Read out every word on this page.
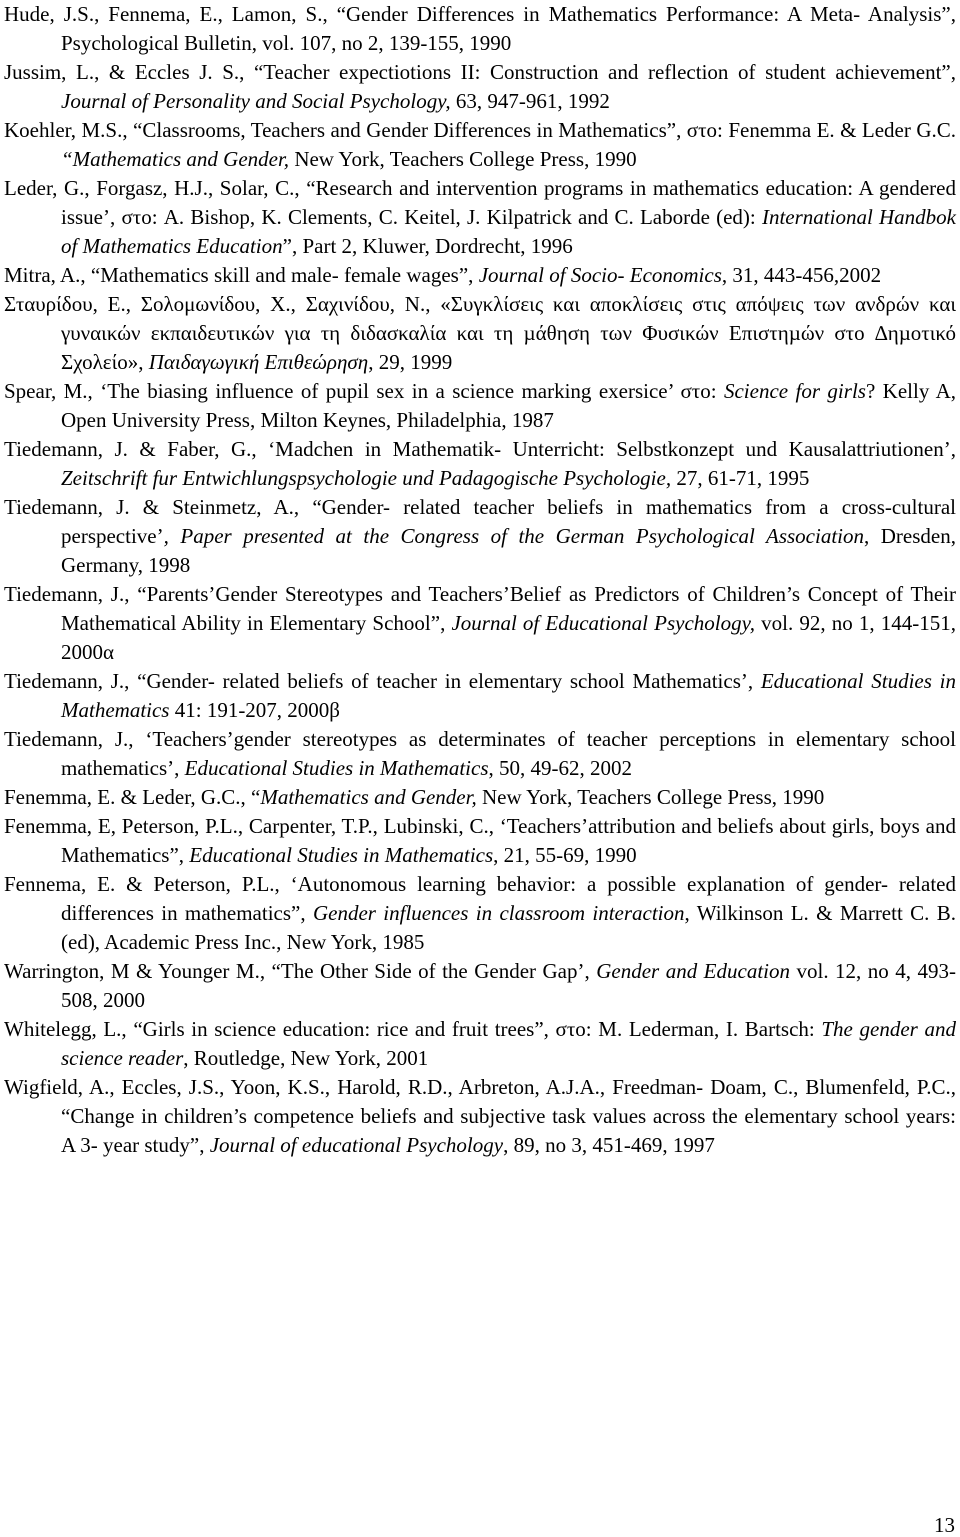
Hude, J.S., Fennema, E., Lamon, S., “Gender Differences in Mathematics Performance: A Meta- Analysis”, Psychological Bulletin, vol. 107, no 2, 139-155, 1990

Jussim, L., & Eccles J. S., “Teacher expectiotions II: Construction and reflection of student achievement”, Journal of Personality and Social Psychology, 63, 947-961, 1992

Koehler, M.S., “Classrooms, Teachers and Gender Differences in Mathematics”, στο: Fenemma E. & Leder G.C. “Mathematics and Gender, New York, Teachers College Press, 1990

Leder, G., Forgasz, H.J., Solar, C., “Research and intervention programs in mathematics education: A gendered issue’, στο: A. Bishop, K. Clements, C. Keitel, J. Kilpatrick and C. Laborde (ed): International Handbok of Mathematics Education”, Part 2, Kluwer, Dordrecht, 1996

Mitra, A., “Mathematics skill and male- female wages”, Journal of Socio- Economics, 31, 443-456,2002

Σταυρίδου, Ε., Σολομωνίδου, Χ., Σαχινίδου, Ν., «Συγκλίσεις και αποκλίσεις στις απόψεις των ανδρών και γυναικών εκπαιδευτικών για τη διδασκαλία και τη µάθηση των Φυσικών Επιστηµών στο ∆ηµοτικό Σχολείο», Παιδαγωγική Επιθεώρηση, 29, 1999

Spear, M., ‘The biasing influence of pupil sex in a science marking exersice’ στο: Science for girls? Kelly A, Open University Press, Milton Keynes, Philadelphia, 1987

Tiedemann, J. & Faber, G., ‘Madchen in Mathematik- Unterricht: Selbstkonzept und Kausalattriutionen’, Zeitschrift fur Entwichlungspsychologie und Padagogische Psychologie, 27, 61-71, 1995

Tiedemann, J. & Steinmetz, A., “Gender- related teacher beliefs in mathematics from a cross-cultural perspective’, Paper presented at the Congress of the German Psychological Association, Dresden, Germany, 1998

Tiedemann, J., “Parents’Gender Stereotypes and Teachers’Belief as Predictors of Children’s Concept of Their Mathematical Ability in Elementary School”, Journal of Educational Psychology, vol. 92, no 1, 144-151, 2000α

Tiedemann, J., “Gender- related beliefs of teacher in elementary school Mathematics’, Educational Studies in Mathematics 41: 191-207, 2000β

Tiedemann, J., ‘Teachers’gender stereotypes as determinates of teacher perceptions in elementary school mathematics’, Educational Studies in Mathematics, 50, 49-62, 2002

Fenemma, E. & Leder, G.C., “Mathematics and Gender, New York, Teachers College Press, 1990

Fenemma, E, Peterson, P.L., Carpenter, T.P., Lubinski, C., ‘Teachers’attribution and beliefs about girls, boys and Mathematics”, Educational Studies in Mathematics, 21, 55-69, 1990

Fennema, E. & Peterson, P.L., ‘Autonomous learning behavior: a possible explanation of gender- related differences in mathematics”, Gender influences in classroom interaction, Wilkinson L. & Marrett C. B. (ed), Academic Press Inc., New York, 1985

Warrington, M & Younger M., “The Other Side of the Gender Gap’, Gender and Education vol. 12, no 4, 493-508, 2000

Whitelegg, L., “Girls in science education: rice and fruit trees”, στο: M. Lederman, I. Bartsch: The gender and science reader, Routledge, New York, 2001

Wigfield, A., Eccles, J.S., Yoon, K.S., Harold, R.D., Arbreton, A.J.A., Freedman- Doam, C., Blumenfeld, P.C., “Change in children’s competence beliefs and subjective task values across the elementary school years: A 3- year study”, Journal of educational Psychology, 89, no 3, 451-469, 1997

13
